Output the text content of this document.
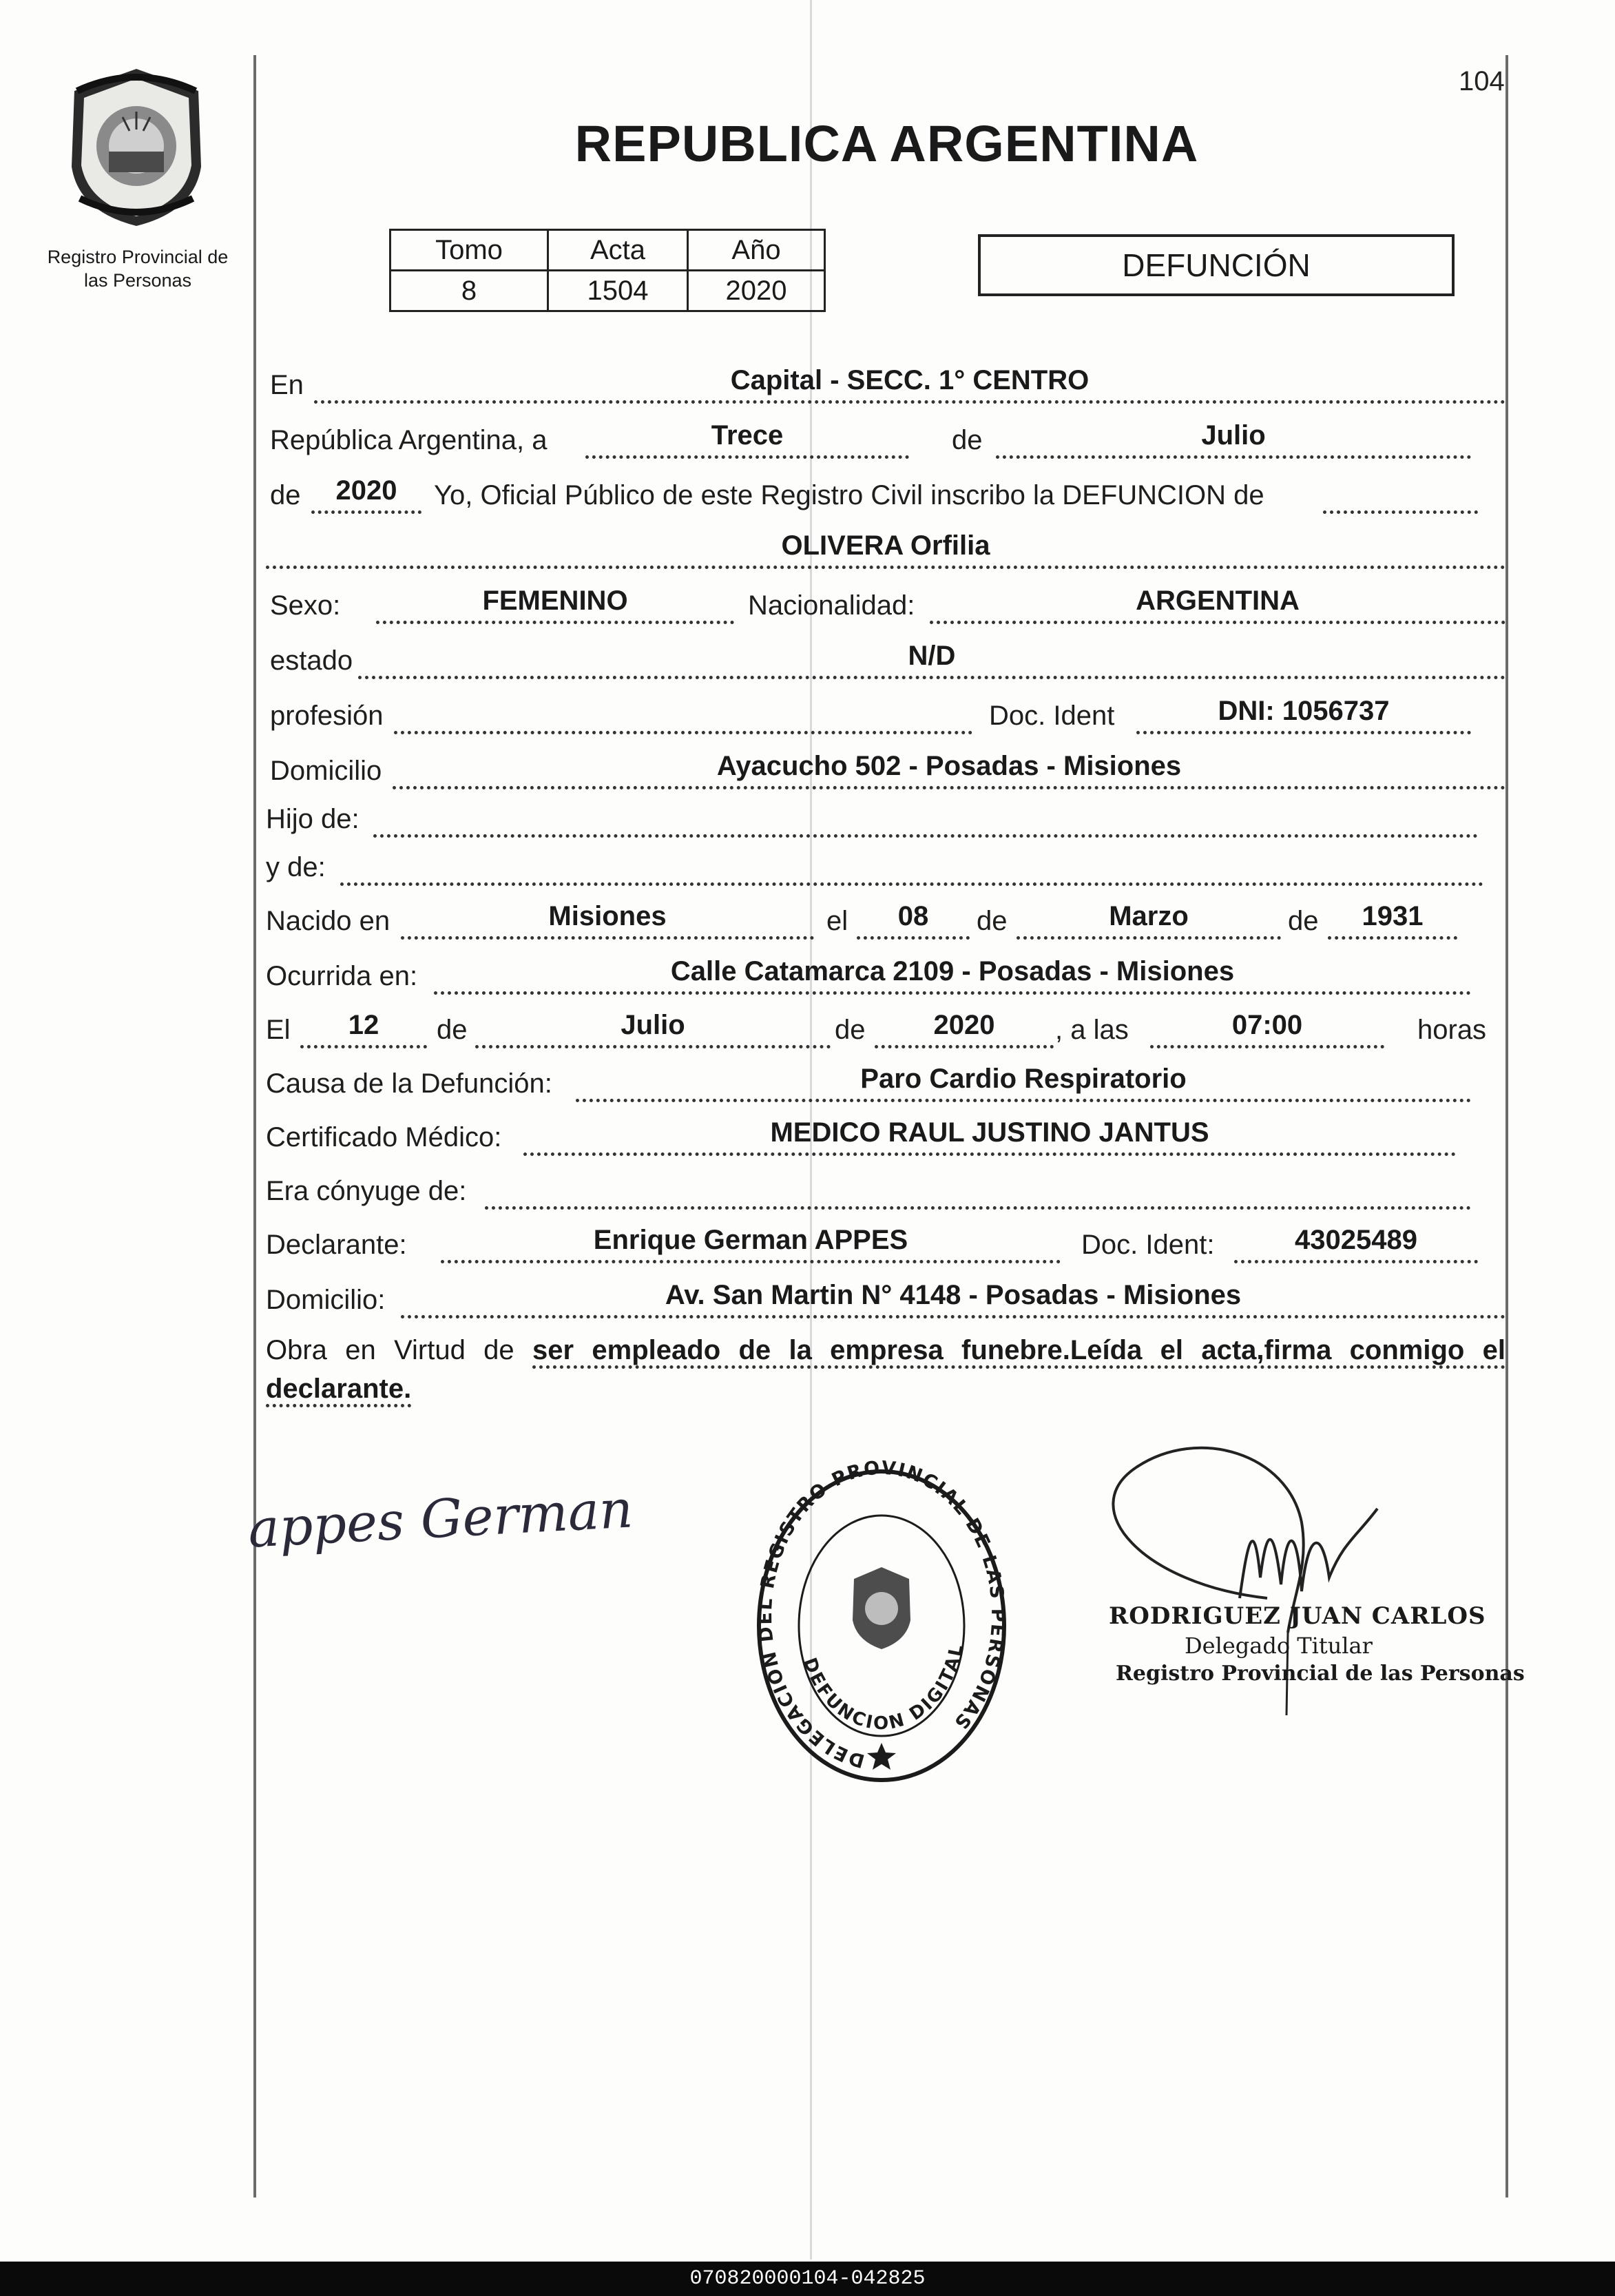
104
Registro Provincial de
las Personas
REPUBLICA ARGENTINA
Tomo	Acta	Año
8	1504	2020
DEFUNCIÓN
En	Capital - SECC. 1° CENTRO
República Argentina, a	Trece	de	Julio
de	2020	Yo, Oficial Público de este Registro Civil inscribo la DEFUNCION de
OLIVERA Orfilia
Sexo:	FEMENINO	Nacionalidad:	ARGENTINA
estado	N/D
profesión	Doc. Ident	DNI: 1056737
Domicilio	Ayacucho 502 - Posadas - Misiones
Hijo de:
y de:
Nacido en	Misiones	el	08	de	Marzo	de	1931
Ocurrida en:	Calle Catamarca 2109 - Posadas - Misiones
El	12	de	Julio	de	2020	, a las	07:00	horas
Causa de la Defunción:	Paro Cardio Respiratorio
Certificado Médico:	MEDICO RAUL JUSTINO JANTUS
Era cónyuge de:
Declarante:	Enrique German APPES	Doc. Ident:	43025489
Domicilio:	Av. San Martin N° 4148 - Posadas - Misiones
Obra en Virtud de ser empleado de la empresa funebre.Leída el acta,firma conmigo el declarante.
appes German
DELEGACION DEL REGISTRO PROVINCIAL DE LAS PERSONAS
DEFUNCION DIGITAL
RODRIGUEZ JUAN CARLOS
Delegado Titular
Registro Provincial de las Personas
070820000104-042825
